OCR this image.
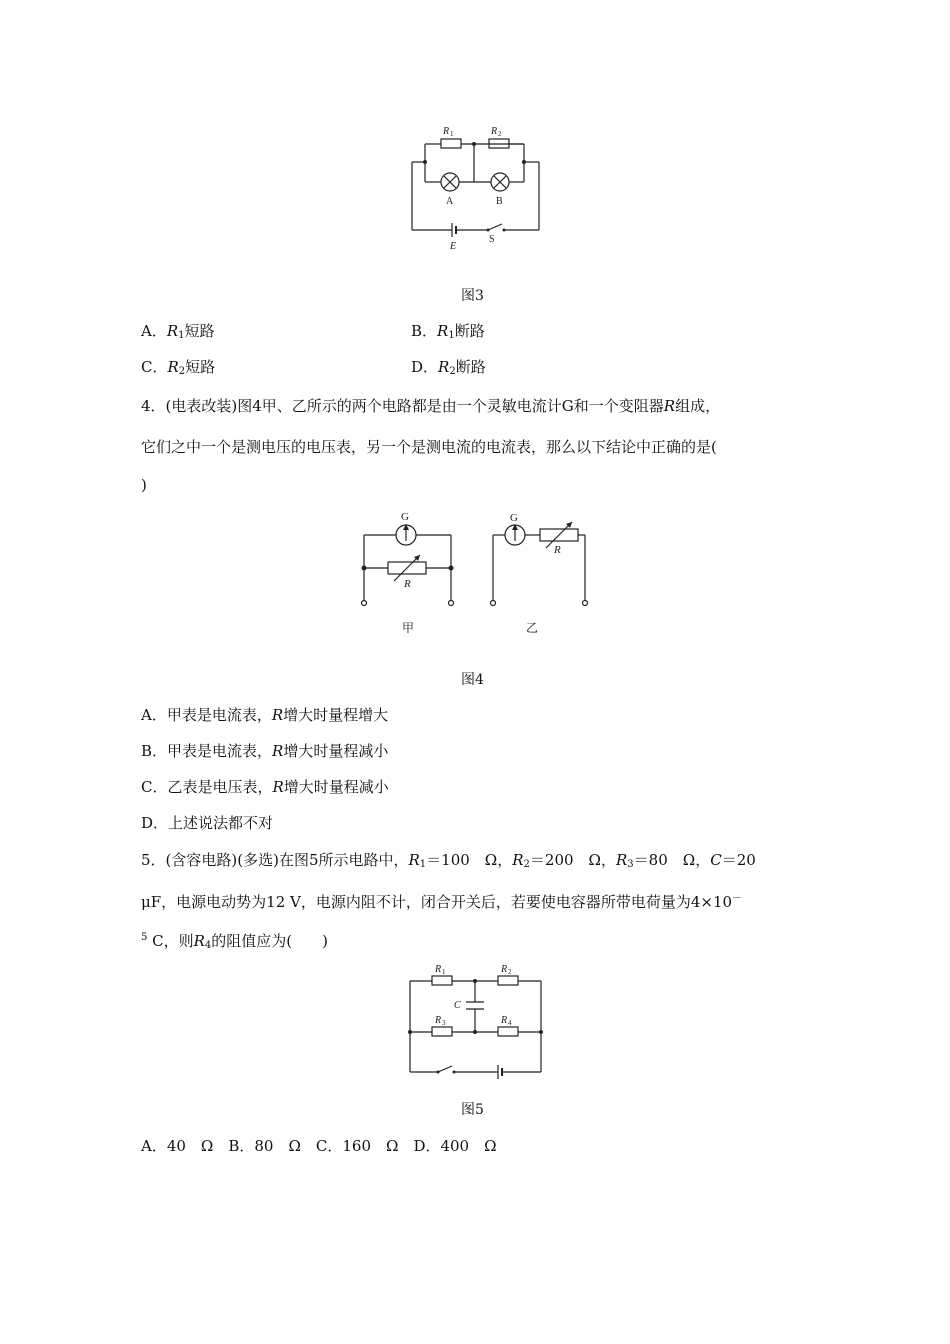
R 1	R 2
A	B
E
S
图3
A．$R_1$短路	B．$R_1$断路
C．$R_2$短路	D．$R_2$断路
4．(电表改装)图4甲、乙所示的两个电路都是由一个灵敏电流计G和一个变阻器R组成，
它们之中一个是测电压的电压表，另一个是测电流的电流表，那么以下结论中正确的是(
)
G	G
R
R
甲	乙
图4
A．甲表是电流表，R增大时量程增大
B．甲表是电流表，R增大时量程减小
C．乙表是电压表，R增大时量程减小
D．上述说法都不对
5．(含容电路)(多选)在图5所示电路中，$R_1=100$　Ω，$R_2=200$　Ω，$R_3=80$　Ω，C＝20
μF，电源电动势为12 V，电源内阻不计，闭合开关后，若要使电容器所带电荷量为4×10－
$^5$ C，则$R_4$的阻值应为(　　)
R 1	R 2
R 3	R 4
C
图5
A．40　Ω　B．80　Ω　C．160　Ω　D．400　Ω
